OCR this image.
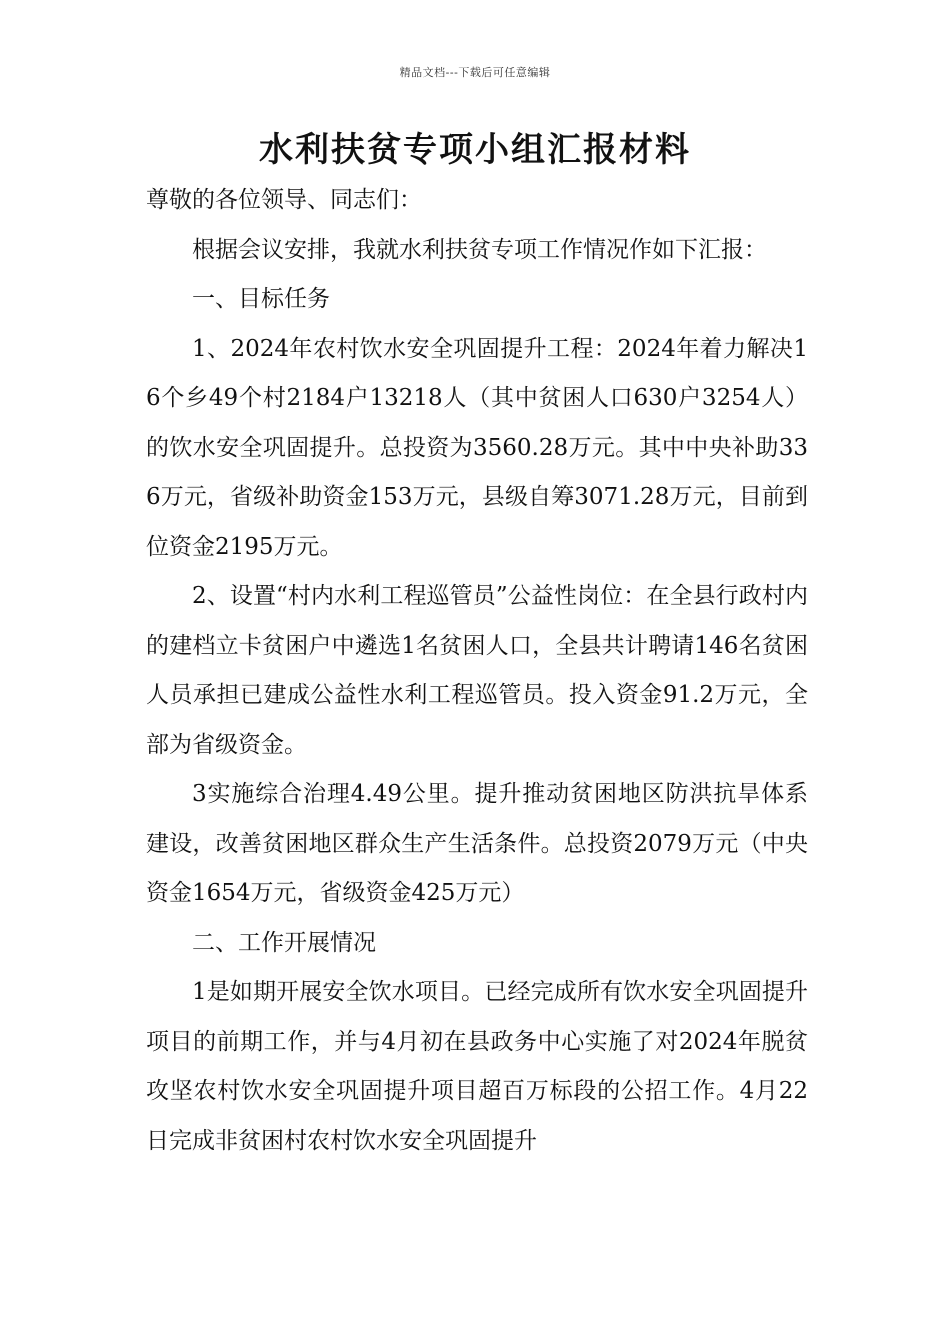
精品文档---下载后可任意编辑
水利扶贫专项小组汇报材料

尊敬的各位领导、同志们：

根据会议安排，我就水利扶贫专项工作情况作如下汇报：

一、目标任务

1、2024年农村饮水安全巩固提升工程：2024年着力解决16个乡49个村2184户13218人（其中贫困人口630户3254人）的饮水安全巩固提升。总投资为3560.28万元。其中中央补助336万元，省级补助资金153万元，县级自筹3071.28万元，目前到位资金2195万元。

2、设置“村内水利工程巡管员”公益性岗位：在全县行政村内的建档立卡贫困户中遴选1名贫困人口，全县共计聘请146名贫困人员承担已建成公益性水利工程巡管员。投入资金91.2万元，全部为省级资金。

3实施综合治理4.49公里。提升推动贫困地区防洪抗旱体系建设，改善贫困地区群众生产生活条件。总投资2079万元（中央资金1654万元，省级资金425万元）

二、工作开展情况

1是如期开展安全饮水项目。已经完成所有饮水安全巩固提升项目的前期工作，并与4月初在县政务中心实施了对2024年脱贫攻坚农村饮水安全巩固提升项目超百万标段的公招工作。4月22日完成非贫困村农村饮水安全巩固提升
